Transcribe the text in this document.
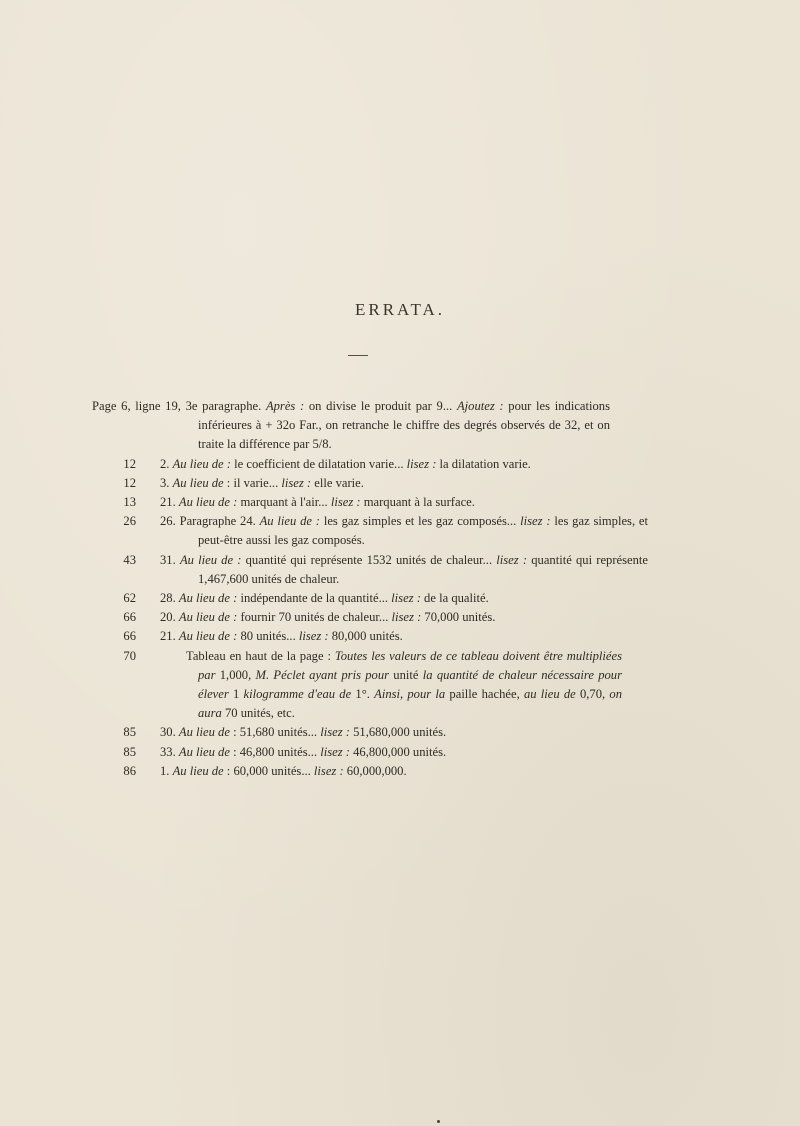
ERRATA.
Page 6, ligne 19, 3e paragraphe. Après : on divise le produit par 9... Ajoutez : pour les indications inférieures à + 32o Far., on retranche le chiffre des degrés observés de 32, et on traite la différence par 5/8.
12 2. Au lieu de : le coefficient de dilatation varie... lisez : la dilatation varie.
12 3. Au lieu de : il varie... lisez : elle varie.
13 21. Au lieu de : marquant à l'air... lisez : marquant à la surface.
26 26. Paragraphe 24. Au lieu de : les gaz simples et les gaz composés... lisez : les gaz simples, et peut-être aussi les gaz composés.
43 31. Au lieu de : quantité qui représente 1532 unités de chaleur... lisez : quantité qui représente 1,467,600 unités de chaleur.
62 28. Au lieu de : indépendante de la quantité... lisez : de la qualité.
66 20. Au lieu de : fournir 70 unités de chaleur... lisez : 70,000 unités.
66 21. Au lieu de : 80 unités... lisez : 80,000 unités.
70	Tableau en haut de la page : Toutes les valeurs de ce tableau doivent être multipliées par 1,000, M. Péclet ayant pris pour unité la quantité de chaleur nécessaire pour élever 1 kilogramme d'eau de 1°. Ainsi, pour la paille hachée, au lieu de 0,70, on aura 70 unités, etc.
85 30. Au lieu de : 51,680 unités... lisez : 51,680,000 unités.
85 33. Au lieu de : 46,800 unités... lisez : 46,800,000 unités.
86 1. Au lieu de : 60,000 unités... lisez : 60,000,000.
